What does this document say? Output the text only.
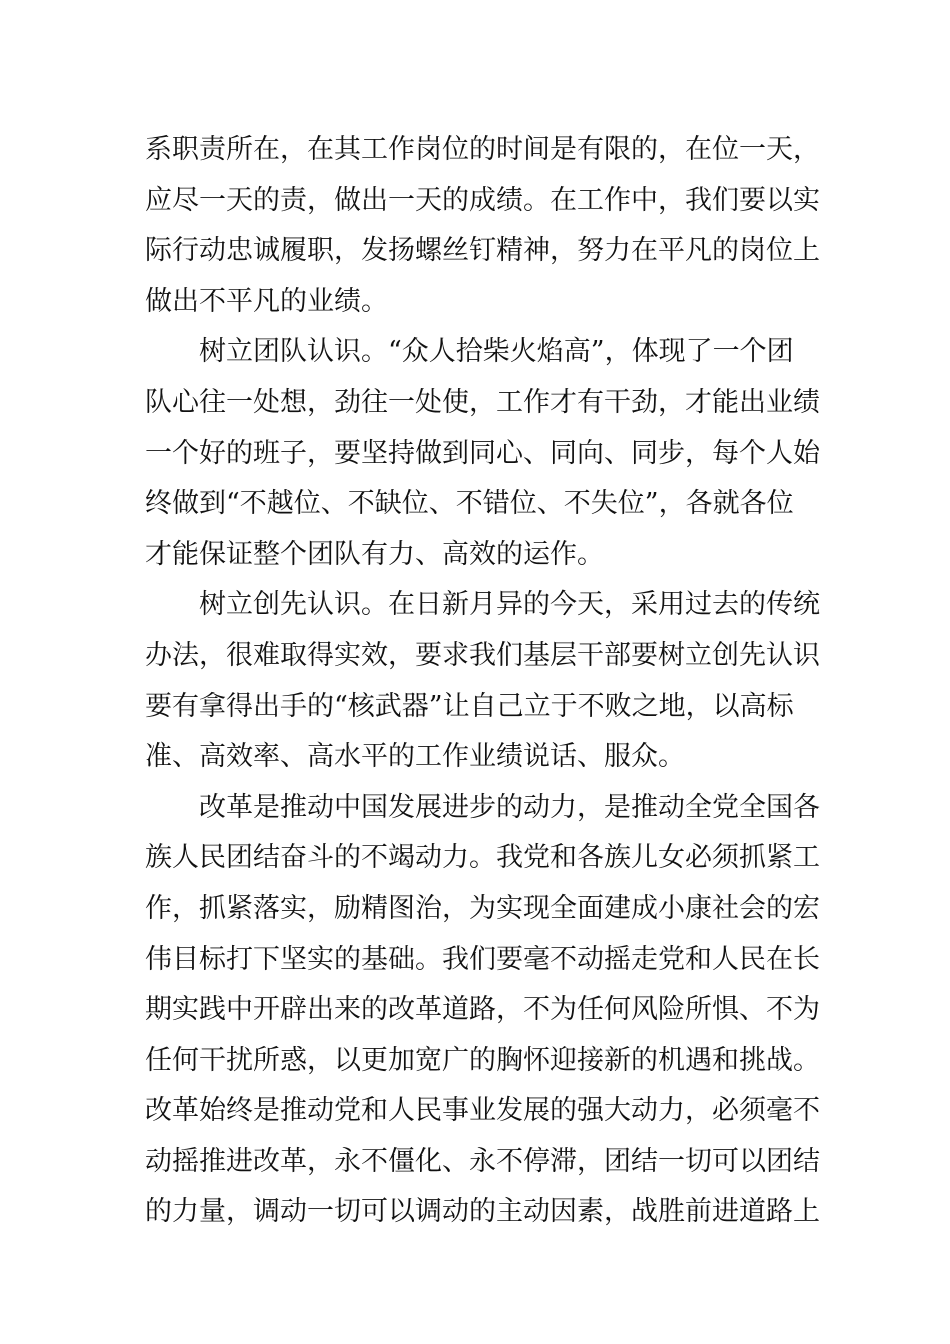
系职责所在，在其工作岗位的时间是有限的，在位一天，
应尽一天的责，做出一天的成绩。在工作中，我们要以实
际行动忠诚履职，发扬螺丝钉精神，努力在平凡的岗位上
做出不平凡的业绩。
树立团队认识。“众人拾柴火焰高”，体现了一个团
队心往一处想，劲往一处使，工作才有干劲，才能出业绩
一个好的班子，要坚持做到同心、同向、同步，每个人始
终做到“不越位、不缺位、不错位、不失位”，各就各位
才能保证整个团队有力、高效的运作。
树立创先认识。在日新月异的今天，采用过去的传统
办法，很难取得实效，要求我们基层干部要树立创先认识
要有拿得出手的“核武器”让自己立于不败之地，以高标
准、高效率、高水平的工作业绩说话、服众。
改革是推动中国发展进步的动力，是推动全党全国各
族人民团结奋斗的不竭动力。我党和各族儿女必须抓紧工
作，抓紧落实，励精图治，为实现全面建成小康社会的宏
伟目标打下坚实的基础。我们要毫不动摇走党和人民在长
期实践中开辟出来的改革道路，不为任何风险所惧、不为
任何干扰所惑，以更加宽广的胸怀迎接新的机遇和挑战。
改革始终是推动党和人民事业发展的强大动力，必须毫不
动摇推进改革，永不僵化、永不停滞，团结一切可以团结
的力量，调动一切可以调动的主动因素，战胜前进道路上
